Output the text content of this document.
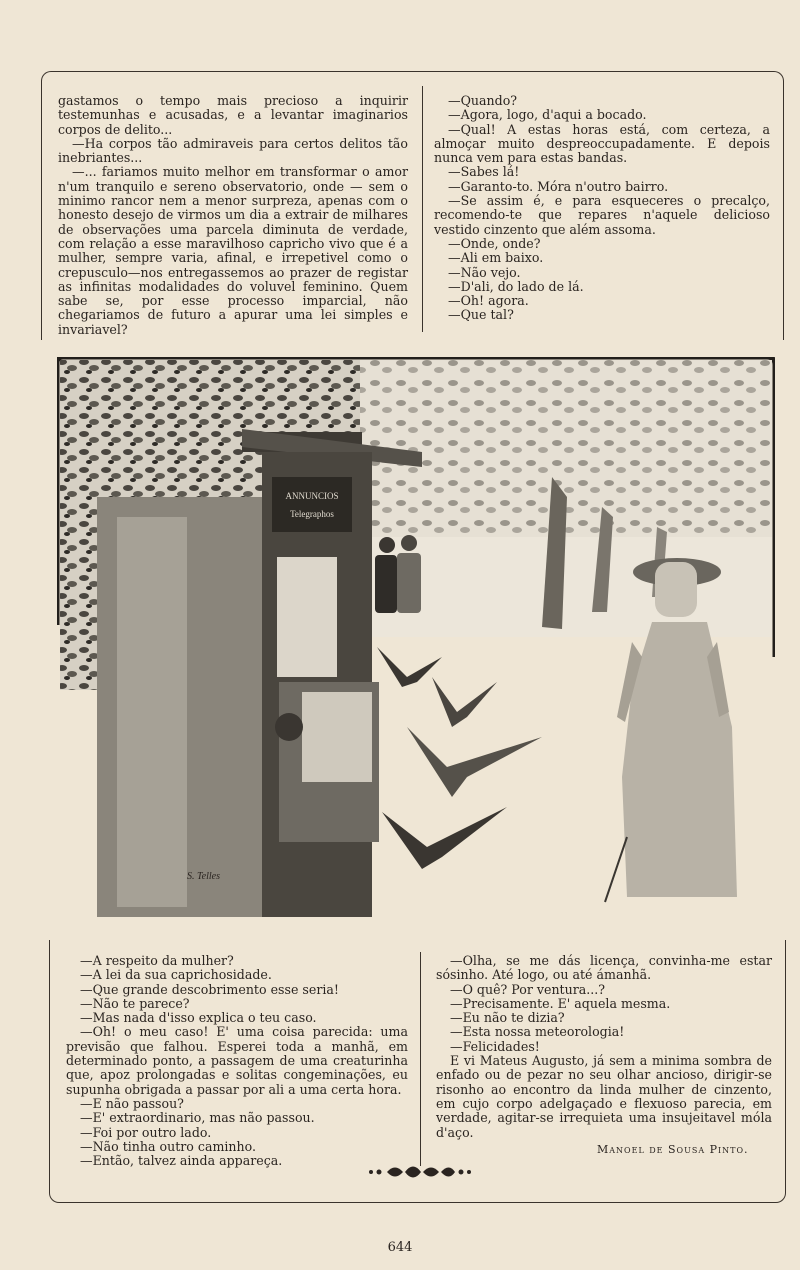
gastamos o tempo mais precioso a inquirir testemunhas e acusadas, e a levantar imaginarios corpos de delito...

—Ha corpos tão admiraveis para certos delitos tão inebriantes...

—... fariamos muito melhor em transformar o amor n'um tranquilo e sereno observatorio, onde — sem o minimo rancor nem a menor surpreza, apenas com o honesto desejo de virmos um dia a extrair de milhares de observações uma parcela diminuta de verdade, com relação a esse maravilhoso capricho vivo que é a mulher, sempre varia, afinal, e irrepetivel como o crepusculo—nos entregassemos ao prazer de registar as infinitas modalidades do voluvel feminino. Quem sabe se, por esse processo imparcial, não chegariamos de futuro a apurar uma lei simples e invariavel?

—Quando?

—Agora, logo, d'aqui a bocado.

—Qual! A estas horas está, com certeza, a almoçar muito despreoccupadamente. E depois nunca vem para estas bandas.

—Sabes lá!

—Garanto-to. Móra n'outro bairro.

—Se assim é, e para esqueceres o precalço, recomendo-te que repares n'aquele delicioso vestido cinzento que além assoma.

—Onde, onde?

—Ali em baixo.

—Não vejo.

—D'ali, do lado de lá.

—Oh! agora.

—Que tal?

ANNUNCIOS
Telegraphos
S. Telles

—A respeito da mulher?

—A lei da sua caprichosidade.

—Que grande descobrimento esse seria!

—Não te parece?

—Mas nada d'isso explica o teu caso.

—Oh! o meu caso! E' uma coisa parecida: uma previsão que falhou. Esperei toda a manhã, em determinado ponto, a passagem de uma creaturinha que, apoz prolongadas e solitas congeminações, eu supunha obrigada a passar por ali a uma certa hora.

—E não passou?

—E' extraordinario, mas não passou.

—Foi por outro lado.

—Não tinha outro caminho.

—Então, talvez ainda appareça.

—Olha, se me dás licença, convinha-me estar sósinho. Até logo, ou até ámanhã.

—O quê? Por ventura...?

—Precisamente. E' aquela mesma.

—Eu não te dizia?

—Esta nossa meteorologia!

—Felicidades!

E vi Mateus Augusto, já sem a minima sombra de enfado ou de pezar no seu olhar ancioso, dirigir-se risonho ao encontro da linda mulher de cinzento, em cujo corpo adelgaçado e flexuoso parecia, em verdade, agitar-se irrequieta uma insujeitavel móla d'aço.

Manoel de Sousa Pinto.
644
